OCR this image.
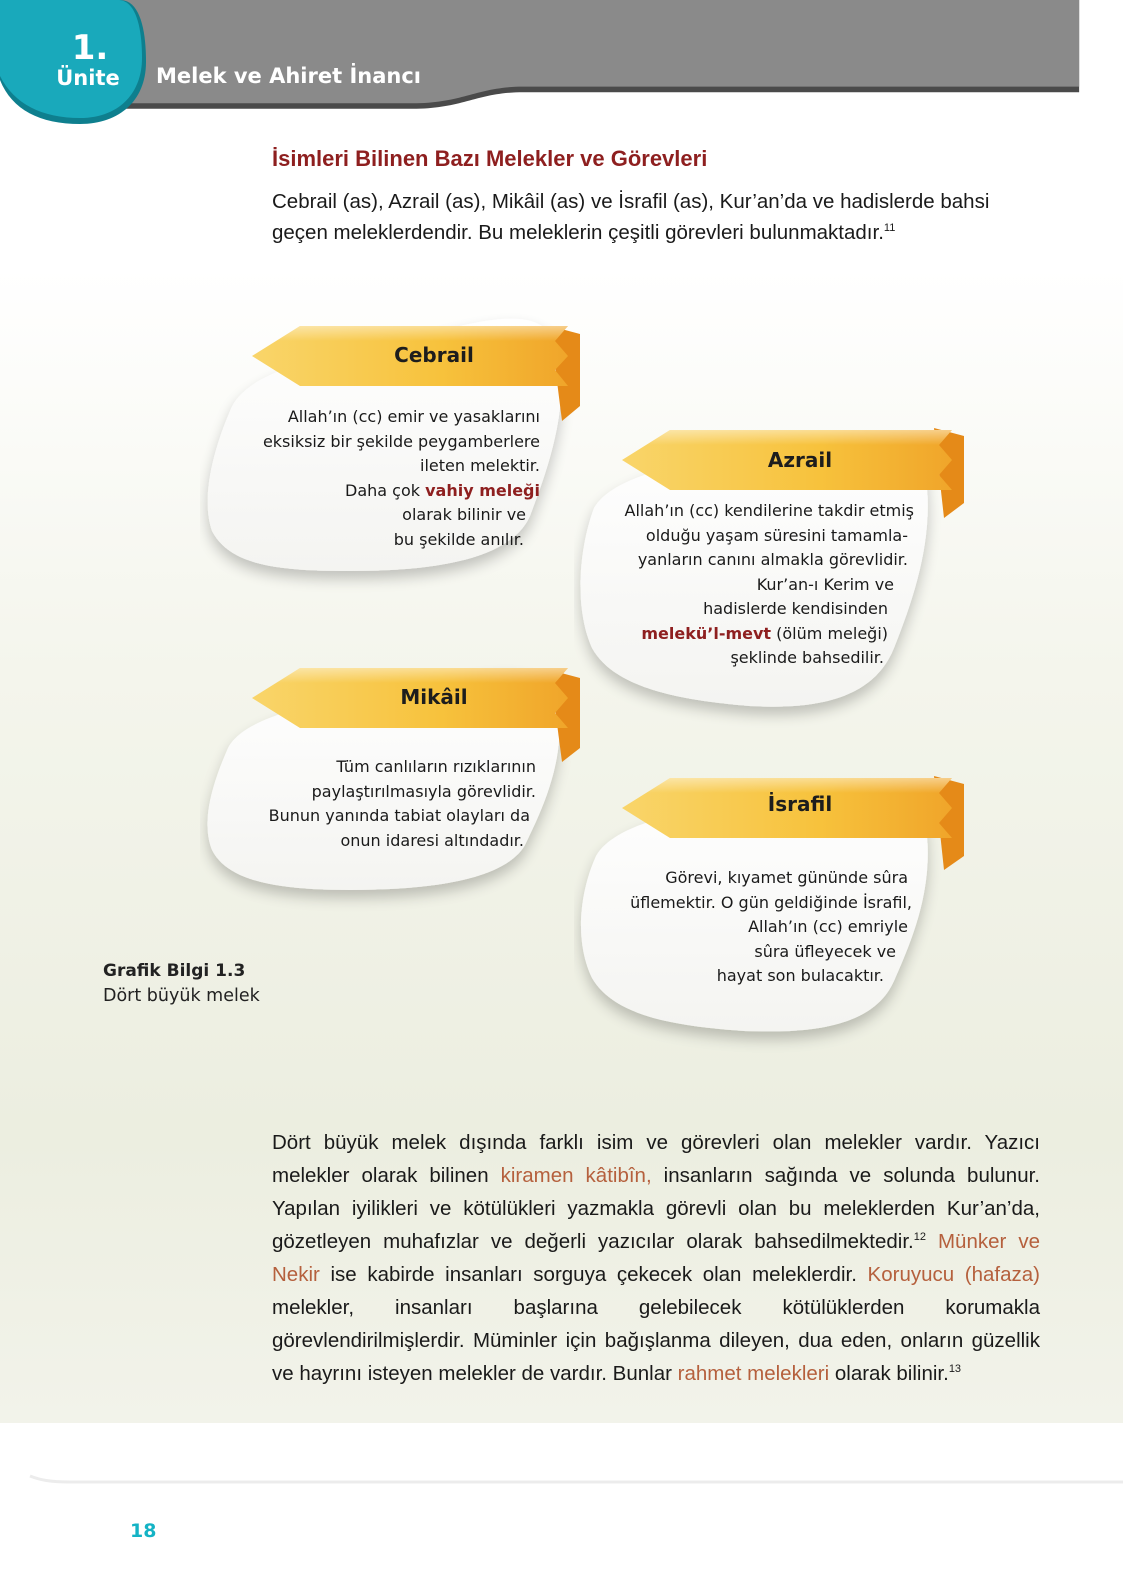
1.
Ünite	Melek ve Ahiret İnancı
İsimleri Bilinen Bazı Melekler ve Görevleri

Cebrail (as), Azrail (as), Mikâil (as) ve İsrafil (as), Kur’an’da ve hadislerde bahsi geçen meleklerdendir. Bu meleklerin çeşitli görevleri bulunmaktadır.$^{11}$

Cebrail
Allah’ın (cc) emir ve yasaklarını
eksiksiz bir şekilde peygamberlere
ileten melektir.
Daha çok vahiy meleği
olarak bilinir ve
bu şekilde anılır.
Azrail
Allah’ın (cc) kendilerine takdir etmiş
olduğu yaşam süresini tamamla-
yanların canını almakla görevlidir.
Kur’an-ı Kerim ve
hadislerde kendisinden
melekü’l-mevt (ölüm meleği)
şeklinde bahsedilir.
Mikâil
Tüm canlıların rızıklarının
paylaştırılmasıyla görevlidir.
Bunun yanında tabiat olayları da
onun idaresi altındadır.
İsrafil
Görevi, kıyamet gününde sûra
üflemektir. O gün geldiğinde İsrafil,
Allah’ın (cc) emriyle
sûra üfleyecek ve
hayat son bulacaktır.
Grafik Bilgi 1.3
Dört büyük melek

Dört büyük melek dışında farklı isim ve görevleri olan melekler vardır. Yazıcı melekler olarak bilinen kiramen kâtibîn, insanların sağında ve solunda bulunur. Yapılan iyilikleri ve kötülükleri yazmakla görevli olan bu meleklerden Kur’an’da, gözetleyen muhafızlar ve değerli yazıcılar olarak bahsedilmektedir.$^{12}$ Münker ve Nekir ise kabirde insanları sorguya çekecek olan meleklerdir. Koruyucu (hafaza) melekler, insanları başlarına gelebilecek kötülüklerden korumakla görevlendirilmişlerdir. Müminler için bağışlanma dileyen, dua eden, onların güzellik ve hayrını isteyen melekler de vardır. Bunlar rahmet melekleri olarak bilinir.$^{13}$

18
